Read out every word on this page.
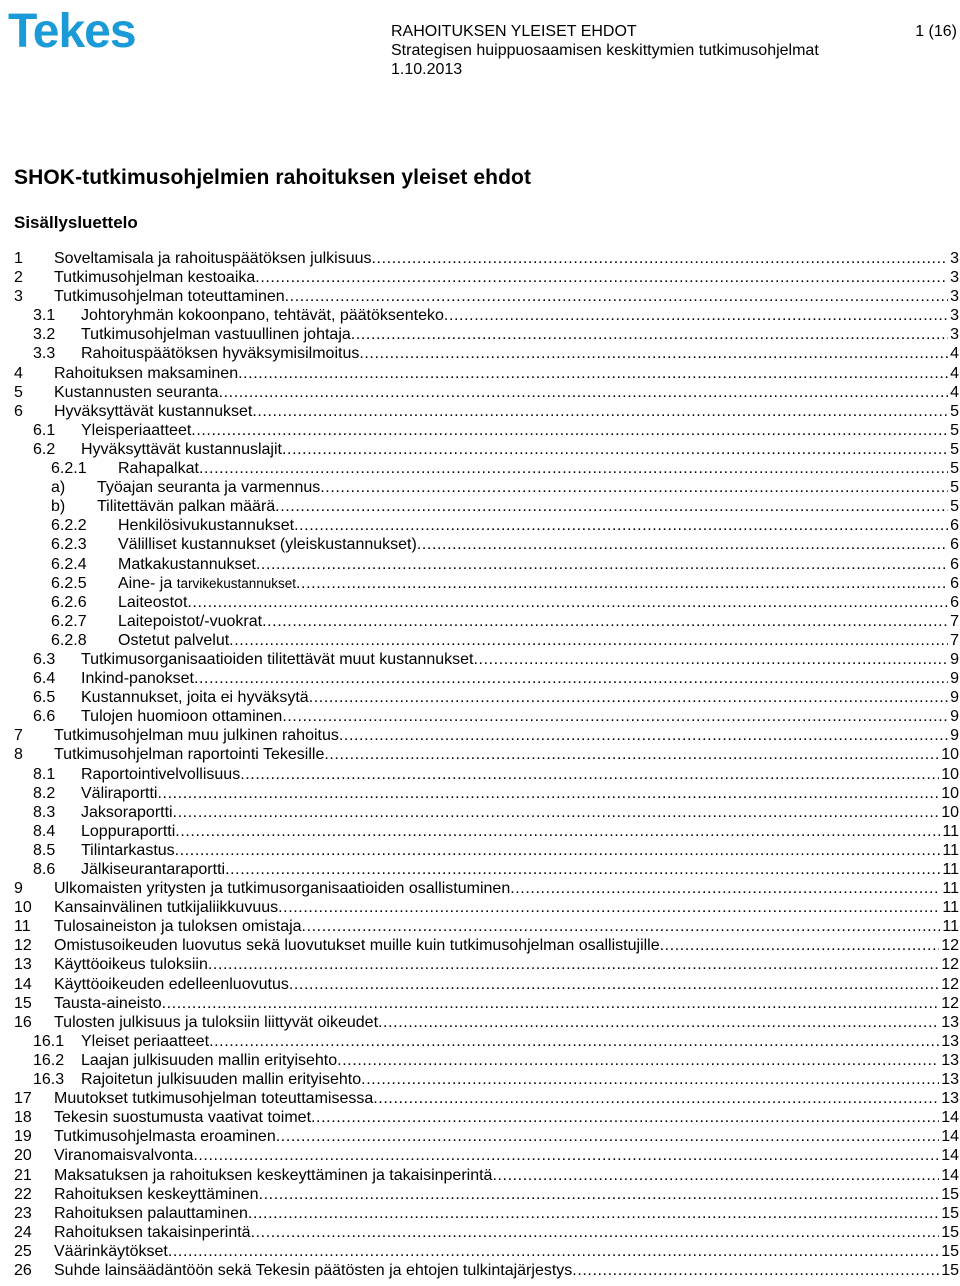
Tekes	RAHOITUKSEN YLEISET EHDOT	1 (16)
Strategisen huippuosaamisen keskittymien tutkimusohjelmat
1.10.2013
SHOK-tutkimusohjelmien rahoituksen yleiset ehdot
Sisällysluettelo
1	Soveltamisala ja rahoituspäätöksen julkisuus .....	3
2	Tutkimusohjelman kestoaika .....	3
3	Tutkimusohjelman toteuttaminen .....	3
3.1	Johtoryhmän kokoonpano, tehtävät, päätöksenteko .....	3
3.2	Tutkimusohjelman vastuullinen johtaja .....	3
3.3	Rahoituspäätöksen hyväksymisilmoitus .....	4
4	Rahoituksen maksaminen .....	4
5	Kustannusten seuranta .....	4
6	Hyväksyttävät kustannukset .....	5
6.1	Yleisperiaatteet .....	5
6.2	Hyväksyttävät kustannuslajit .....	5
6.2.1	Rahapalkat .....	5
a)	Työajan seuranta ja varmennus .....	5
b)	Tilitettävän palkan määrä .....	5
6.2.2	Henkilösivukustannukset .....	6
6.2.3	Välilliset kustannukset (yleiskustannukset) .....	6
6.2.4	Matkakustannukset .....	6
6.2.5	Aine- ja tarvikekustannukset .....	6
6.2.6	Laiteostot .....	6
6.2.7	Laitepoistot/-vuokrat .....	7
6.2.8	Ostetut palvelut .....	7
6.3	Tutkimusorganisaatioiden tilitettävät muut kustannukset .....	9
6.4	Inkind-panokset .....	9
6.5	Kustannukset, joita ei hyväksytä .....	9
6.6	Tulojen huomioon ottaminen .....	9
7	Tutkimusohjelman muu julkinen rahoitus .....	9
8	Tutkimusohjelman raportointi Tekesille .....	10
8.1	Raportointivelvollisuus .....	10
8.2	Väliraportti .....	10
8.3	Jaksoraportti .....	10
8.4	Loppuraportti .....	11
8.5	Tilintarkastus .....	11
8.6	Jälkiseurantaraportti .....	11
9	Ulkomaisten yritysten ja tutkimusorganisaatioiden osallistuminen .....	11
10	Kansainvälinen tutkijaliikkuvuus .....	11
11	Tulosaineiston ja tuloksen omistaja .....	11
12	Omistusoikeuden luovutus sekä luovutukset muille kuin tutkimusohjelman osallistujille .....	12
13	Käyttöoikeus tuloksiin .....	12
14	Käyttöoikeuden edelleenluovutus .....	12
15	Tausta-aineisto .....	12
16	Tulosten julkisuus ja tuloksiin liittyvät oikeudet .....	13
16.1	Yleiset periaatteet .....	13
16.2	Laajan julkisuuden mallin erityisehto .....	13
16.3	Rajoitetun julkisuuden mallin erityisehto .....	13
17	Muutokset tutkimusohjelman toteuttamisessa .....	13
18	Tekesin suostumusta vaativat toimet .....	14
19	Tutkimusohjelmasta eroaminen .....	14
20	Viranomaisvalvonta .....	14
21	Maksatuksen ja rahoituksen keskeyttäminen ja takaisinperintä .....	14
22	Rahoituksen keskeyttäminen .....	15
23	Rahoituksen palauttaminen .....	15
24	Rahoituksen takaisinperintä .....	15
25	Väärinkäytökset .....	15
26	Suhde lainsäädäntöön sekä Tekesin päätösten ja ehtojen tulkintajärjestys .....	15
